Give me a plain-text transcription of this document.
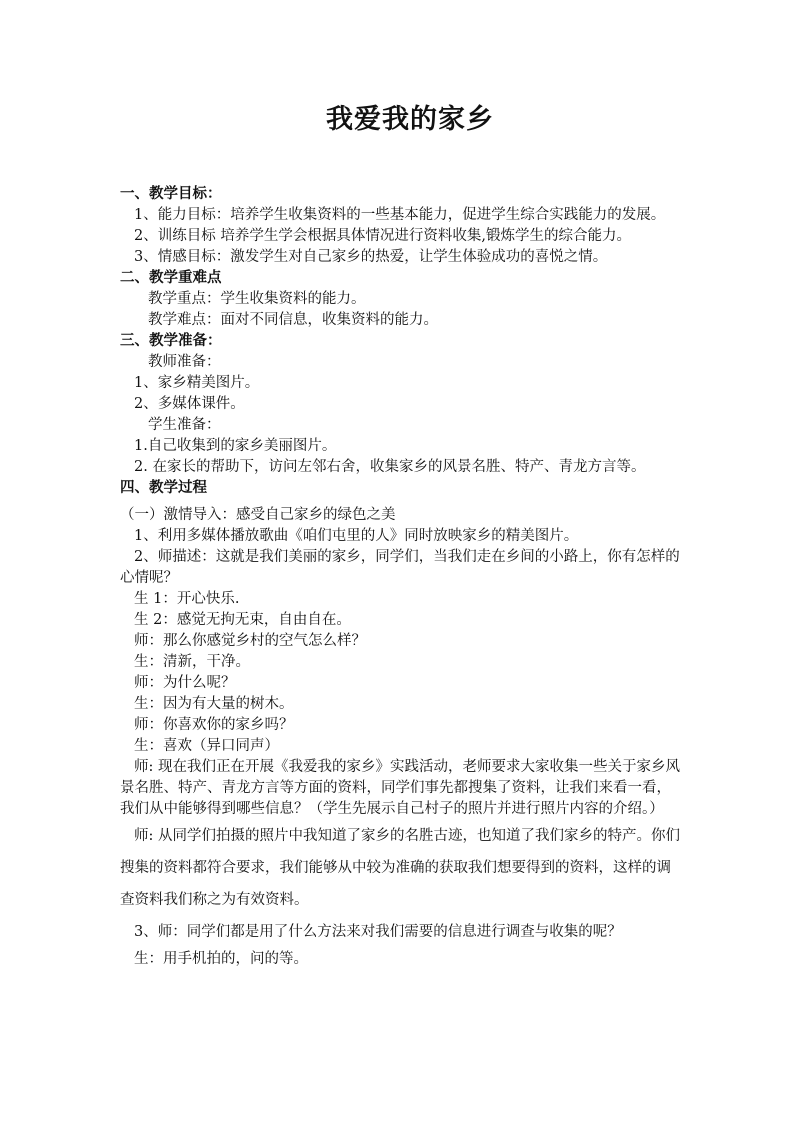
我爱我的家乡

一、教学目标：

1、能力目标：培养学生收集资料的一些基本能力，促进学生综合实践能力的发展。

2、训练目标 培养学生学会根据具体情况进行资料收集,锻炼学生的综合能力。

3、情感目标：激发学生对自己家乡的热爱，让学生体验成功的喜悦之情。

二、教学重难点

教学重点：学生收集资料的能力。

教学难点：面对不同信息，收集资料的能力。

三、教学准备：

教师准备：

1、家乡精美图片。

2、多媒体课件。

学生准备：

1.自己收集到的家乡美丽图片。

2. 在家长的帮助下，访问左邻右舍，收集家乡的风景名胜、特产、青龙方言等。

四、教学过程

（一）激情导入：感受自己家乡的绿色之美

1、利用多媒体播放歌曲《咱们屯里的人》同时放映家乡的精美图片。

2、师描述：这就是我们美丽的家乡，同学们，当我们走在乡间的小路上，你有怎样的心情呢？

生 1：开心快乐.

生 2：感觉无拘无束，自由自在。

师：那么你感觉乡村的空气怎么样？

生：清新，干净。

师：为什么呢？

生：因为有大量的树木。

师：你喜欢你的家乡吗？

生：喜欢（异口同声）

师: 现在我们正在开展《我爱我的家乡》实践活动，老师要求大家收集一些关于家乡风景名胜、特产、青龙方言等方面的资料，同学们事先都搜集了资料，让我们来看一看，我们从中能够得到哪些信息？（学生先展示自己村子的照片并进行照片内容的介绍。）

师: 从同学们拍摄的照片中我知道了家乡的名胜古迹，也知道了我们家乡的特产。你们搜集的资料都符合要求，我们能够从中较为准确的获取我们想要得到的资料，这样的调查资料我们称之为有效资料。

3、师：同学们都是用了什么方法来对我们需要的信息进行调查与收集的呢？

生：用手机拍的，问的等。
